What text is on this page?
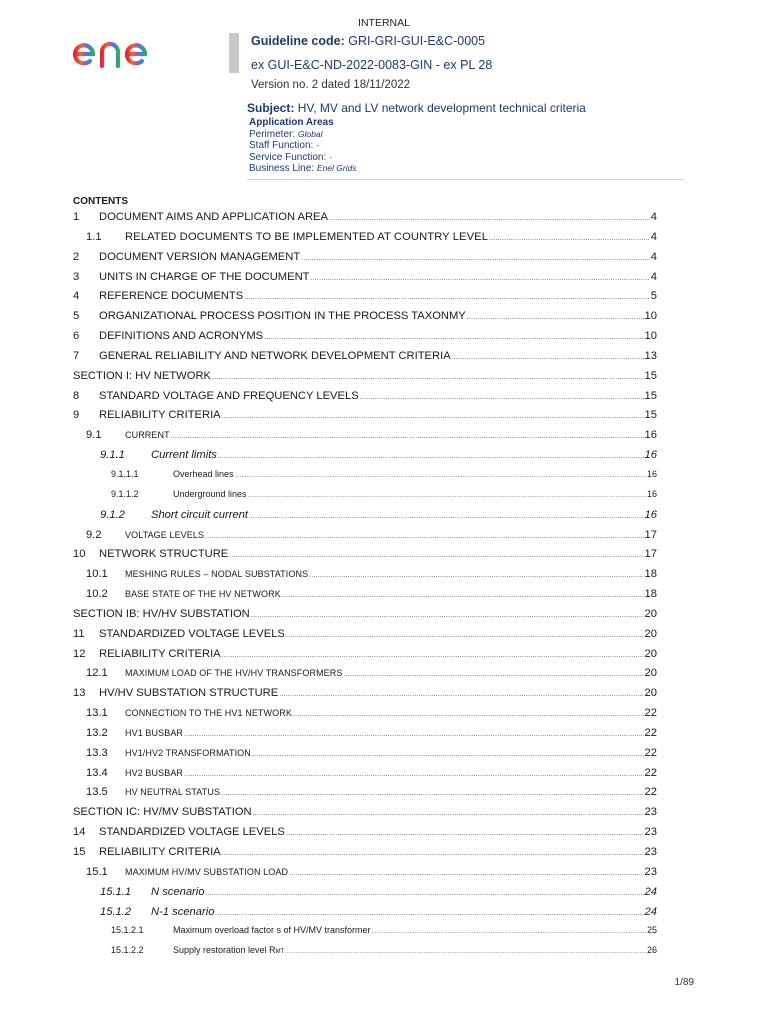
INTERNAL
enel
Guideline code: GRI-GRI-GUI-E&C-0005
ex GUI-E&C-ND-2022-0083-GIN - ex PL 28
Version no. 2 dated 18/11/2022
Subject: HV, MV and LV network development technical criteria
Application Areas
Perimeter: Global
Staff Function: -
Service Function: -
Business Line: Enel Grids
CONTENTS
1	DOCUMENT AIMS AND APPLICATION AREA .....	4
1.1	RELATED DOCUMENTS TO BE IMPLEMENTED AT COUNTRY LEVEL .....	4
2	DOCUMENT VERSION MANAGEMENT .....	4
3	UNITS IN CHARGE OF THE DOCUMENT .....	4
4	REFERENCE DOCUMENTS .....	5
5	ORGANIZATIONAL PROCESS POSITION IN THE PROCESS TAXONMY .....	10
6	DEFINITIONS AND ACRONYMS .....	10
7	GENERAL RELIABILITY AND NETWORK DEVELOPMENT CRITERIA .....	13
SECTION I: HV NETWORK .....	15
8	STANDARD VOLTAGE AND FREQUENCY LEVELS .....	15
9	RELIABILITY CRITERIA .....	15
9.1	CURRENT .....	16
9.1.1	Current limits .....	16
9.1.1.1	Overhead lines .....	16
9.1.1.2	Underground lines .....	16
9.1.2	Short circuit current .....	16
9.2	VOLTAGE LEVELS .....	17
10	NETWORK STRUCTURE .....	17
10.1	MESHING RULES – NODAL SUBSTATIONS .....	18
10.2	BASE STATE OF THE HV NETWORK .....	18
SECTION IB: HV/HV SUBSTATION .....	20
11	STANDARDIZED VOLTAGE LEVELS .....	20
12	RELIABILITY CRITERIA .....	20
12.1	MAXIMUM LOAD OF THE HV/HV TRANSFORMERS .....	20
13	HV/HV SUBSTATION STRUCTURE .....	20
13.1	CONNECTION TO THE HV1 NETWORK .....	22
13.2	HV1 BUSBAR .....	22
13.3	HV1/HV2 TRANSFORMATION .....	22
13.4	HV2 BUSBAR .....	22
13.5	HV NEUTRAL STATUS .....	22
SECTION IC: HV/MV SUBSTATION .....	23
14	STANDARDIZED VOLTAGE LEVELS .....	23
15	RELIABILITY CRITERIA .....	23
15.1	MAXIMUM HV/MV SUBSTATION LOAD .....	23
15.1.1	N scenario .....	24
15.1.2	N-1 scenario .....	24
15.1.2.1	Maximum overload factor s of HV/MV transformer .....	25
15.1.2.2	Supply restoration level $R_{MT}$ .....	26
1/89
